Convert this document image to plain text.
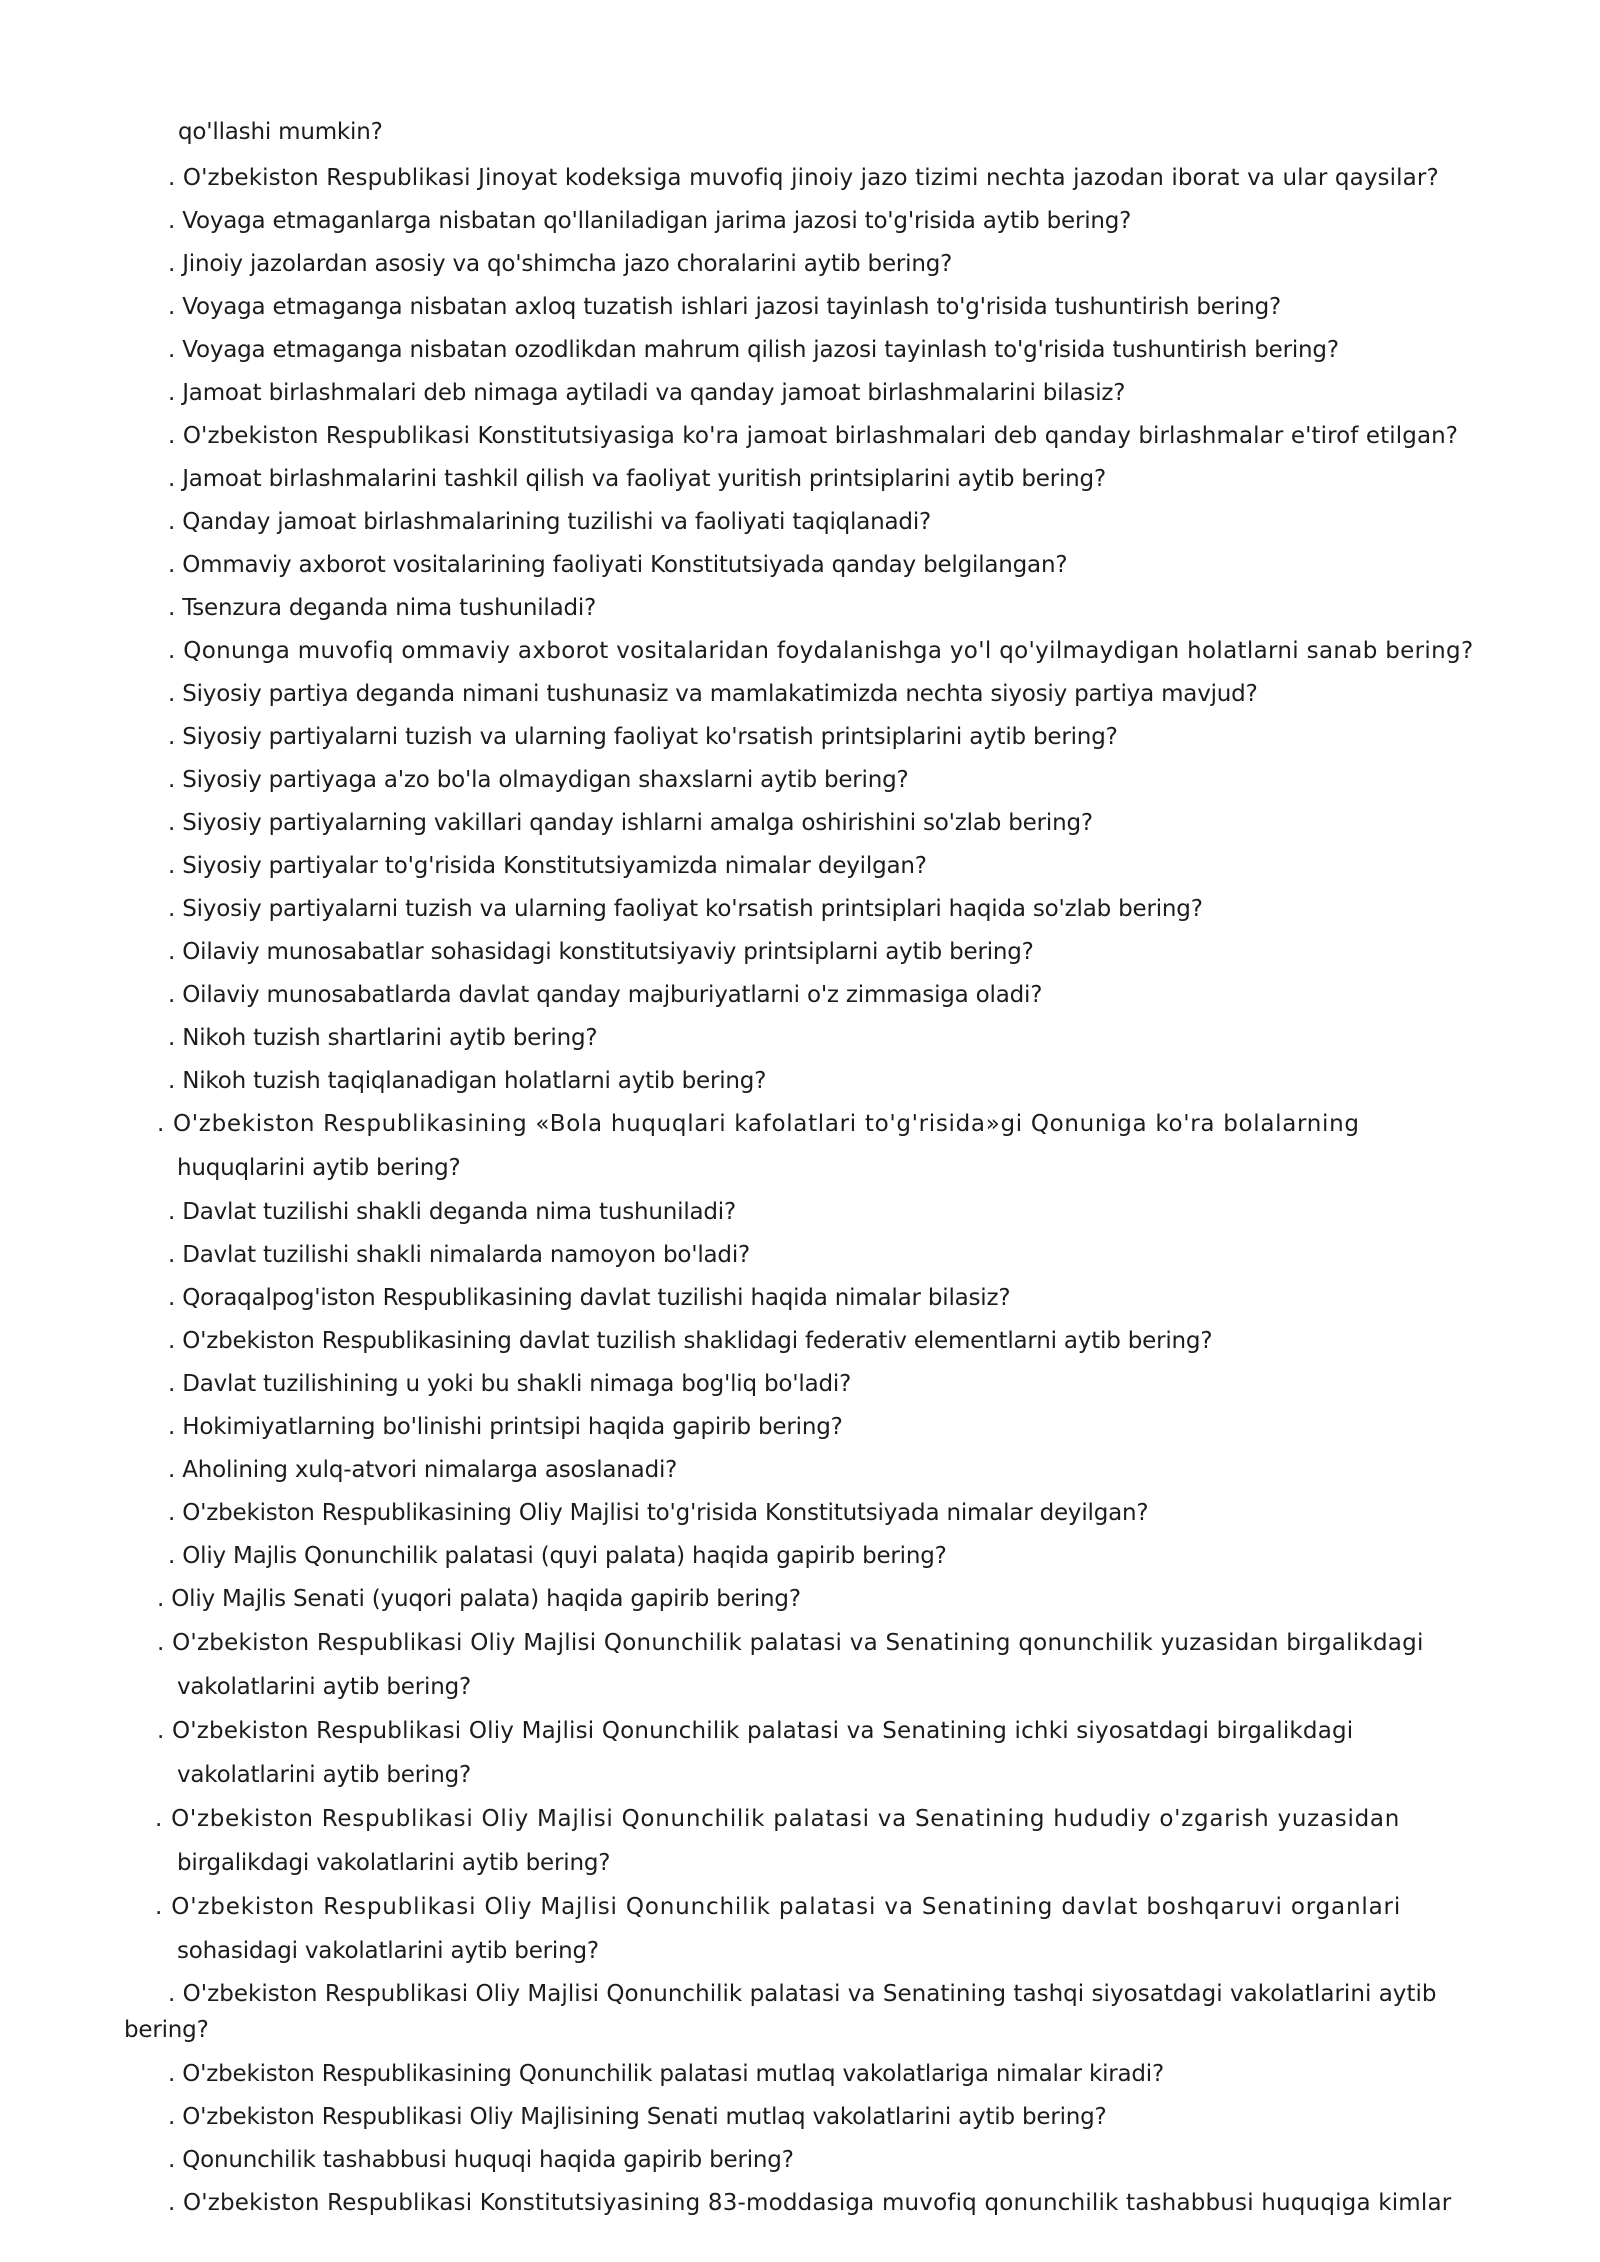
qo'llashi mumkin?
. O'zbekiston Respublikasi Jinoyat kodeksiga muvofiq jinoiy jazo tizimi nechta jazodan iborat va ular qaysilar?
. Voyaga etmaganlarga nisbatan qo'llaniladigan jarima jazosi to'g'risida aytib bering?
. Jinoiy jazolardan asosiy va qo'shimcha jazo choralarini aytib bering?
. Voyaga etmaganga nisbatan axloq tuzatish ishlari jazosi tayinlash to'g'risida tushuntirish bering?
. Voyaga etmaganga nisbatan ozodlikdan mahrum qilish jazosi tayinlash to'g'risida tushuntirish bering?
. Jamoat birlashmalari deb nimaga aytiladi va qanday jamoat birlashmalarini bilasiz?
. O'zbekiston Respublikasi Konstitutsiyasiga ko'ra jamoat birlashmalari deb qanday birlashmalar e'tirof etilgan?
. Jamoat birlashmalarini tashkil qilish va faoliyat yuritish printsiplarini aytib bering?
. Qanday jamoat birlashmalarining tuzilishi va faoliyati taqiqlanadi?
. Ommaviy axborot vositalarining faoliyati Konstitutsiyada qanday belgilangan?
. Tsenzura deganda nima tushuniladi?
. Qonunga muvofiq ommaviy axborot vositalaridan foydalanishga yo'l qo'yilmaydigan holatlarni sanab bering?
. Siyosiy partiya deganda nimani tushunasiz va mamlakatimizda nechta siyosiy partiya mavjud?
. Siyosiy partiyalarni tuzish va ularning faoliyat ko'rsatish printsiplarini aytib bering?
. Siyosiy partiyaga a'zo bo'la olmaydigan shaxslarni aytib bering?
. Siyosiy partiyalarning vakillari qanday ishlarni amalga oshirishini so'zlab bering?
. Siyosiy partiyalar to'g'risida Konstitutsiyamizda nimalar deyilgan?
. Siyosiy partiyalarni tuzish va ularning faoliyat ko'rsatish printsiplari haqida so'zlab bering?
. Oilaviy munosabatlar sohasidagi konstitutsiyaviy printsiplarni aytib bering?
. Oilaviy munosabatlarda davlat qanday majburiyatlarni o'z zimmasiga oladi?
. Nikoh tuzish shartlarini aytib bering?
. Nikoh tuzish taqiqlanadigan holatlarni aytib bering?
. O'zbekiston Respublikasining «Bola huquqlari kafolatlari to'g'risida»gi Qonuniga ko'ra bolalarning
huquqlarini aytib bering?
. Davlat tuzilishi shakli deganda nima tushuniladi?
. Davlat tuzilishi shakli nimalarda namoyon bo'ladi?
. Qoraqalpog'iston Respublikasining davlat tuzilishi haqida nimalar bilasiz?
. O'zbekiston Respublikasining davlat tuzilish shaklidagi federativ elementlarni aytib bering?
. Davlat tuzilishining u yoki bu shakli nimaga bog'liq bo'ladi?
. Hokimiyatlarning bo'linishi printsipi haqida gapirib bering?
. Aholining xulq-atvori nimalarga asoslanadi?
. O'zbekiston Respublikasining Oliy Majlisi to'g'risida Konstitutsiyada nimalar deyilgan?
. Oliy Majlis Qonunchilik palatasi (quyi palata) haqida gapirib bering?
. Oliy Majlis Senati (yuqori palata) haqida gapirib bering?
. O'zbekiston Respublikasi Oliy Majlisi Qonunchilik palatasi va Senatining qonunchilik yuzasidan birgalikdagi
vakolatlarini aytib bering?
. O'zbekiston Respublikasi Oliy Majlisi Qonunchilik palatasi va Senatining ichki siyosatdagi birgalikdagi
vakolatlarini aytib bering?
. O'zbekiston Respublikasi Oliy Majlisi Qonunchilik palatasi va Senatining hududiy o'zgarish yuzasidan
birgalikdagi vakolatlarini aytib bering?
. O'zbekiston Respublikasi Oliy Majlisi Qonunchilik palatasi va Senatining davlat boshqaruvi organlari
sohasidagi vakolatlarini aytib bering?
. O'zbekiston Respublikasi Oliy Majlisi Qonunchilik palatasi va Senatining tashqi siyosatdagi vakolatlarini aytib
bering?
. O'zbekiston Respublikasining Qonunchilik palatasi mutlaq vakolatlariga nimalar kiradi?
. O'zbekiston Respublikasi Oliy Majlisining Senati mutlaq vakolatlarini aytib bering?
. Qonunchilik tashabbusi huquqi haqida gapirib bering?
. O'zbekiston Respublikasi Konstitutsiyasining 83-moddasiga muvofiq qonunchilik tashabbusi huquqiga kimlar
